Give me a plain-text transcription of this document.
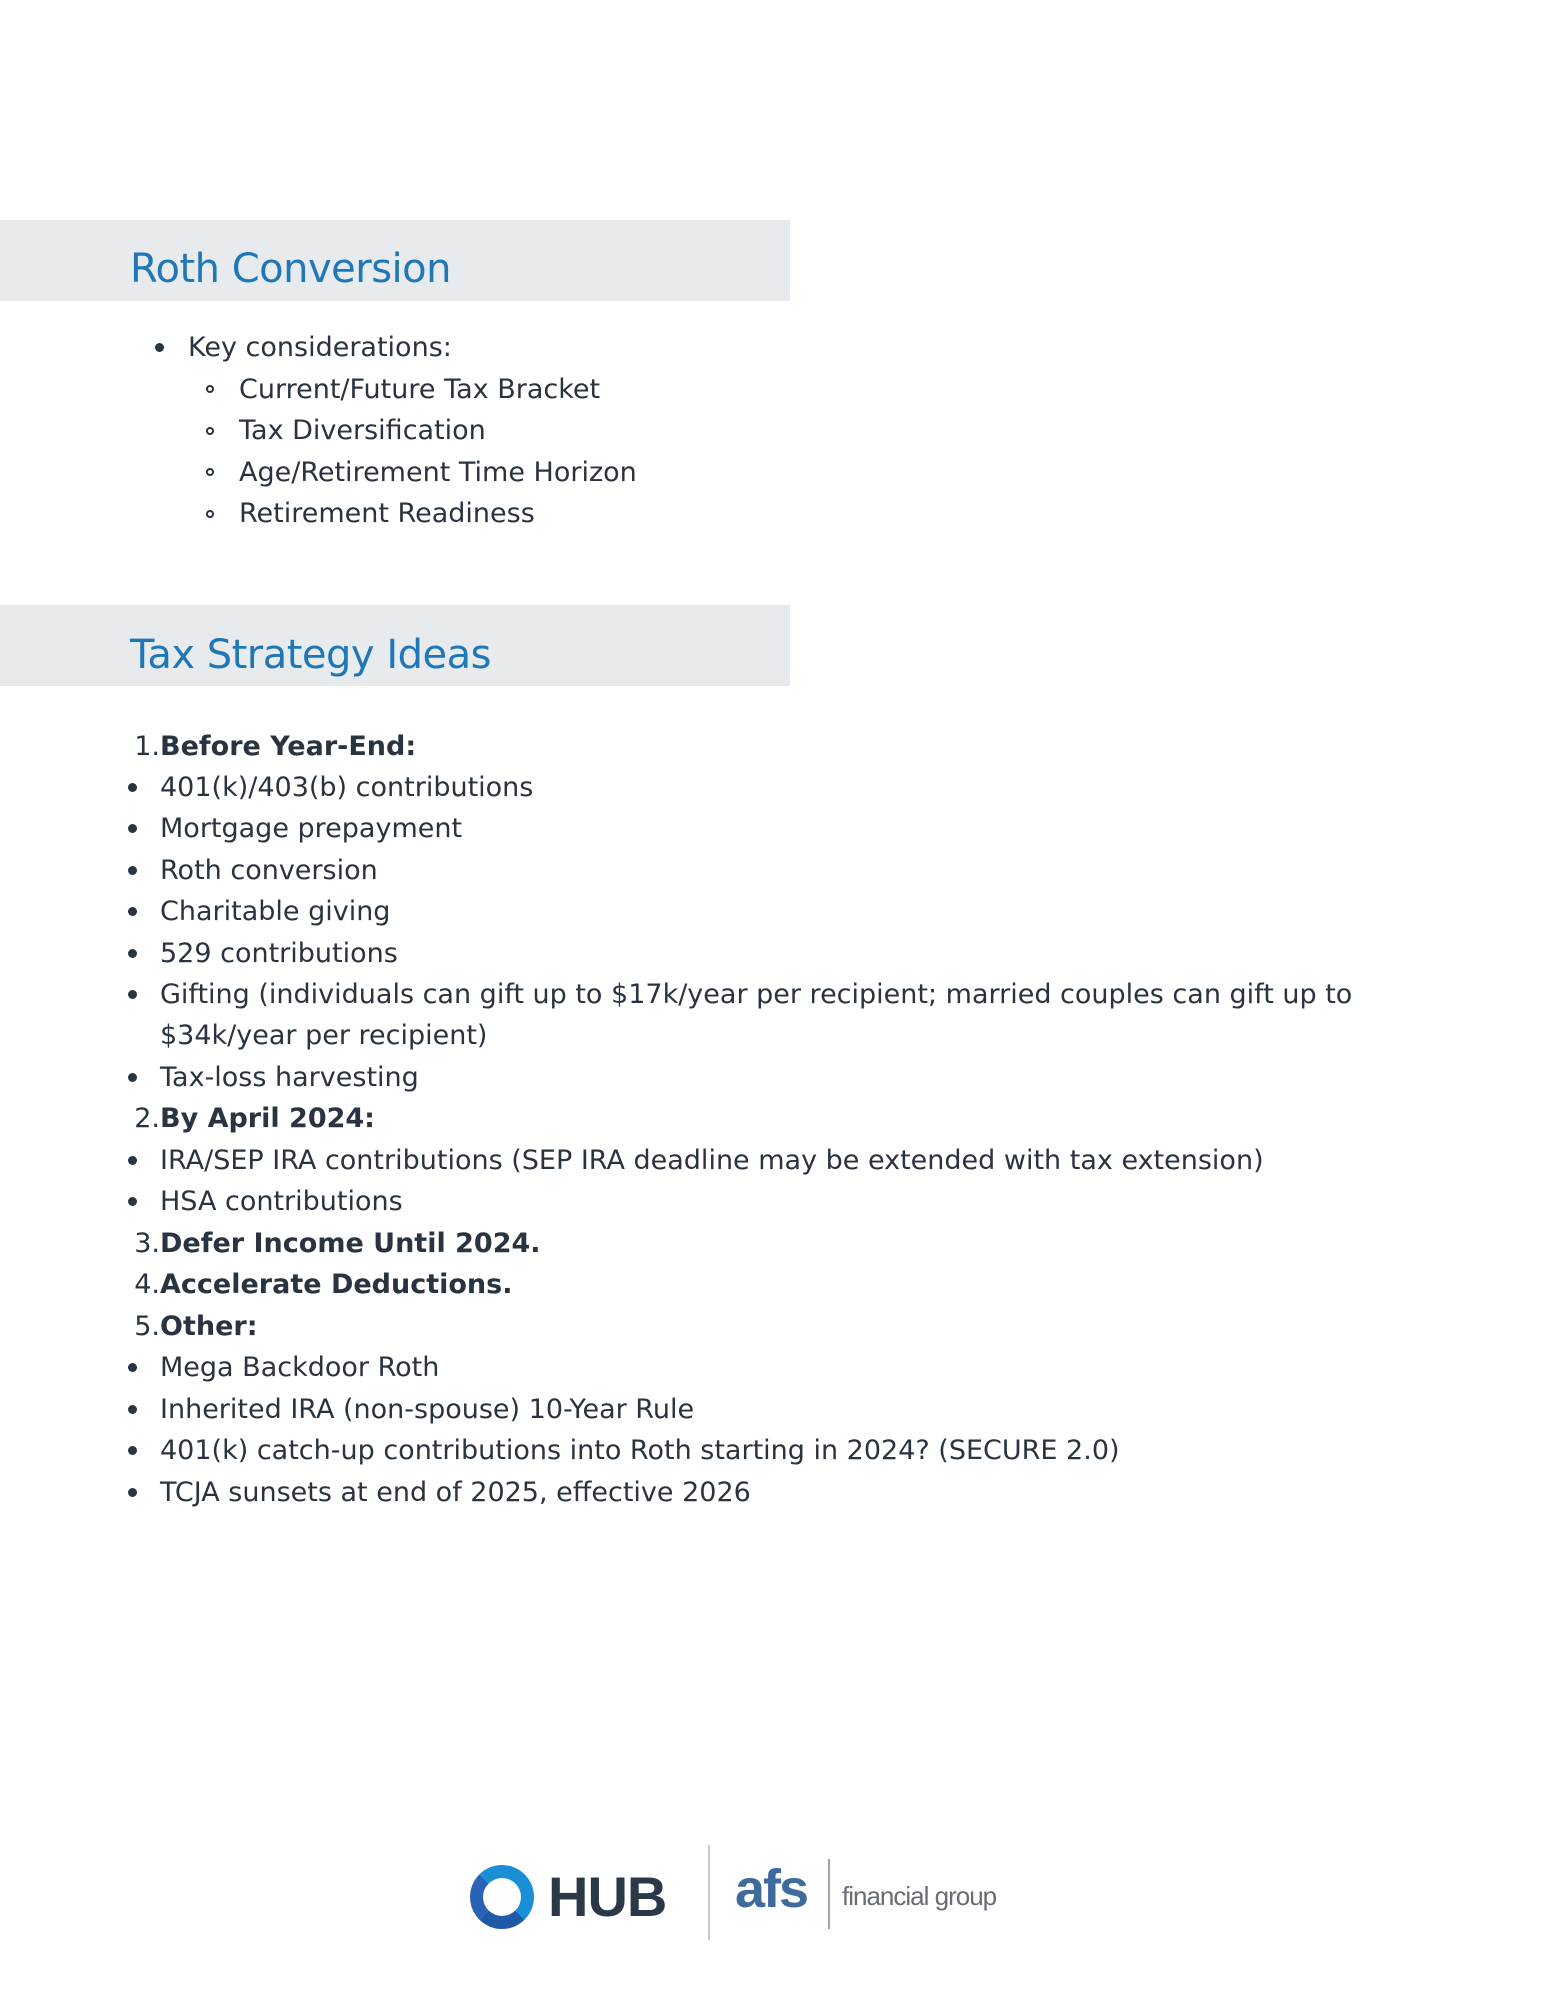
Roth Conversion
Key considerations:
Current/Future Tax Bracket
Tax Diversification
Age/Retirement Time Horizon
Retirement Readiness
Tax Strategy Ideas
1. Before Year-End:
401(k)/403(b) contributions
Mortgage prepayment
Roth conversion
Charitable giving
529 contributions
Gifting (individuals can gift up to $17k/year per recipient; married couples can gift up to
$34k/year per recipient)
Tax-loss harvesting
2. By April 2024:
IRA/SEP IRA contributions (SEP IRA deadline may be extended with tax extension)
HSA contributions
3. Defer Income Until 2024.
4. Accelerate Deductions.
5. Other:
Mega Backdoor Roth
Inherited IRA (non-spouse) 10-Year Rule
401(k) catch-up contributions into Roth starting in 2024? (SECURE 2.0)
TCJA sunsets at end of 2025, effective 2026
HUB afs financial group
